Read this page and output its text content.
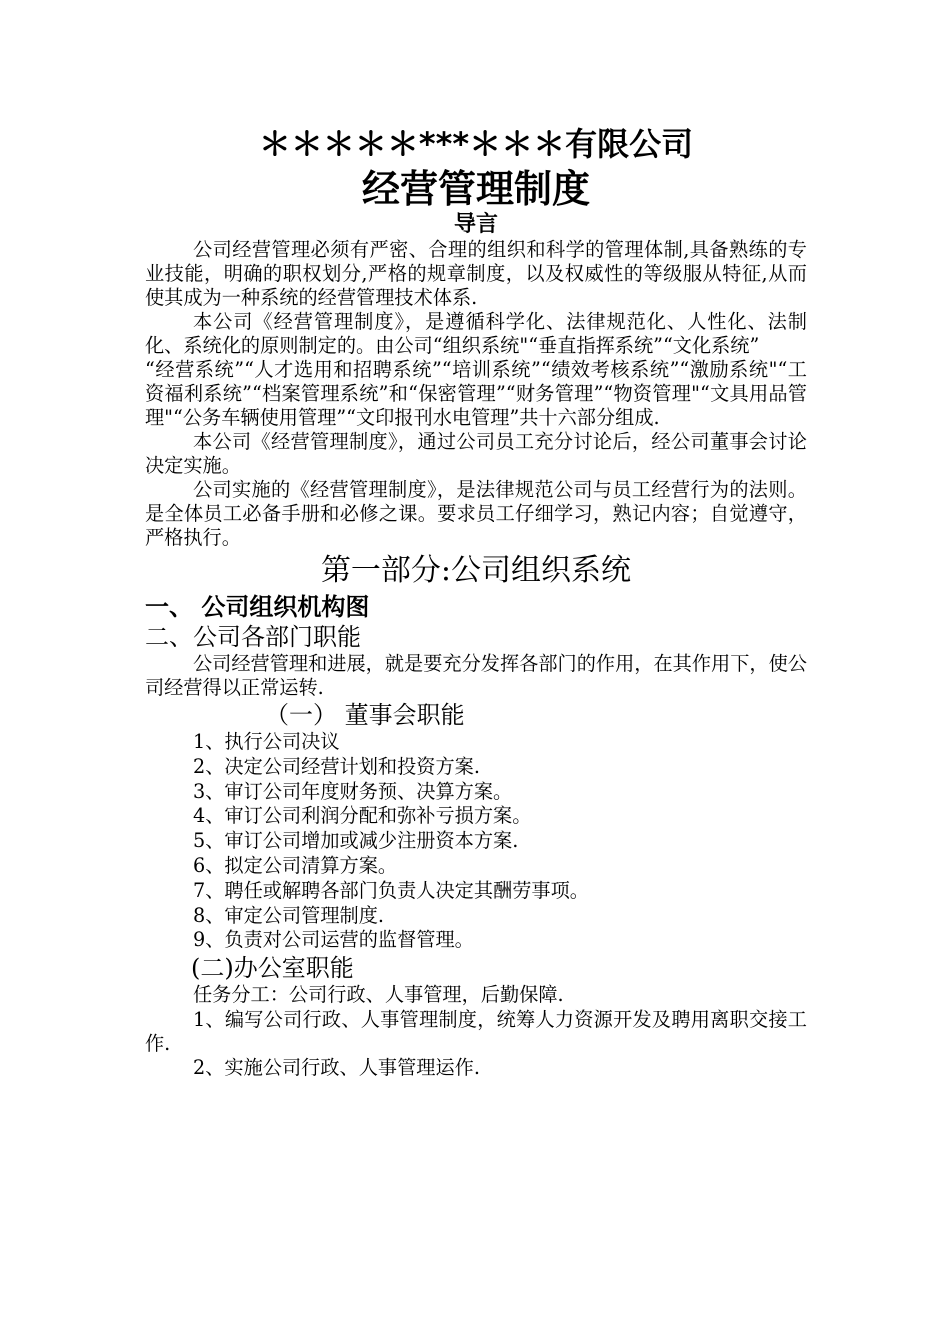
＊＊＊＊＊***＊＊＊有限公司
经营管理制度
导言

公司经营管理必须有严密、合理的组织和科学的管理体制,具备熟练的专业技能，明确的职权划分,严格的规章制度，以及权威性的等级服从特征,从而使其成为一种系统的经营管理技术体系.

本公司《经营管理制度》，是遵循科学化、法律规范化、人性化、法制化、系统化的原则制定的。由公司“组织系统"“垂直指挥系统”“文化系统”

“经营系统”“人才选用和招聘系统”“培训系统”“绩效考核系统”“激励系统"“工资福利系统”“档案管理系统”和“保密管理”“财务管理”“物资管理"“文具用品管理"“公务车辆使用管理”“文印报刊水电管理”共十六部分组成.

本公司《经营管理制度》，通过公司员工充分讨论后，经公司董事会讨论决定实施。

公司实施的《经营管理制度》，是法律规范公司与员工经营行为的法则。是全体员工必备手册和必修之课。要求员工仔细学习，熟记内容；自觉遵守，严格执行。

第一部分:公司组织系统
一、 公司组织机构图
二、公司各部门职能

公司经营管理和进展，就是要充分发挥各部门的作用，在其作用下，使公司经营得以正常运转.

（一） 董事会职能
1、执行公司决议
2、决定公司经营计划和投资方案.
3、审订公司年度财务预、决算方案。
4、审订公司利润分配和弥补亏损方案。
5、审订公司增加或减少注册资本方案.
6、拟定公司清算方案。
7、聘任或解聘各部门负责人决定其酬劳事项。
8、审定公司管理制度.
9、负责对公司运营的监督管理。
(二)办公室职能
任务分工：公司行政、人事管理，后勤保障.

1、编写公司行政、人事管理制度，统筹人力资源开发及聘用离职交接工作.

2、实施公司行政、人事管理运作.
